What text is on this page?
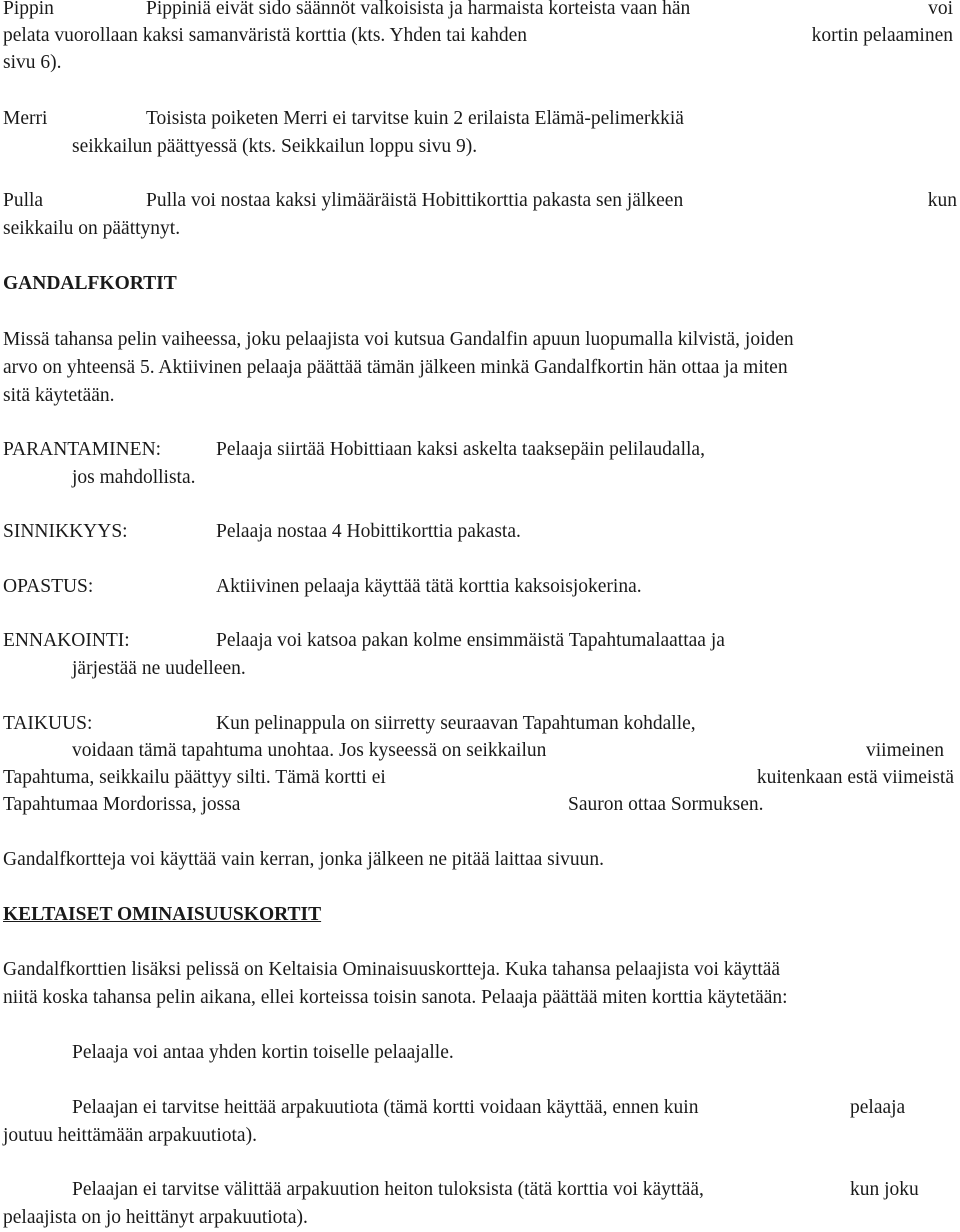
Pippin	Pippiniä eivät sido säännöt valkoisista ja harmaista korteista vaan hän	voi
pelata vuorollaan kaksi samanväristä korttia (kts. Yhden tai kahden	kortin pelaaminen
sivu 6).
Merri	Toisista poiketen Merri ei tarvitse kuin 2 erilaista Elämä-pelimerkkiä
seikkailun päättyessä (kts. Seikkailun loppu sivu 9).
Pulla	Pulla voi nostaa kaksi ylimääräistä Hobittikorttia pakasta sen jälkeen	kun
seikkailu on päättynyt.
GANDALFKORTIT
Missä tahansa pelin vaiheessa, joku pelaajista voi kutsua Gandalfin apuun luopumalla kilvistä, joiden
arvo on yhteensä 5. Aktiivinen pelaaja päättää tämän jälkeen minkä Gandalfkortin hän ottaa ja miten
sitä käytetään.
PARANTAMINEN:	Pelaaja siirtää Hobittiaan kaksi askelta taaksepäin pelilaudalla,
jos mahdollista.
SINNIKKYYS:	Pelaaja nostaa 4 Hobittikorttia pakasta.
OPASTUS:	Aktiivinen pelaaja käyttää tätä korttia kaksoisjokerina.
ENNAKOINTI:	Pelaaja voi katsoa pakan kolme ensimmäistä Tapahtumalaattaa ja
järjestää ne uudelleen.
TAIKUUS:	Kun pelinappula on siirretty seuraavan Tapahtuman kohdalle,
voidaan tämä tapahtuma unohtaa. Jos kyseessä on seikkailun	viimeinen
Tapahtuma, seikkailu päättyy silti. Tämä kortti ei	kuitenkaan estä viimeistä
Tapahtumaa Mordorissa, jossa	Sauron ottaa Sormuksen.
Gandalfkortteja voi käyttää vain kerran, jonka jälkeen ne pitää laittaa sivuun.
KELTAISET OMINAISUUSKORTIT
Gandalfkorttien lisäksi pelissä on Keltaisia Ominaisuuskortteja. Kuka tahansa pelaajista voi käyttää
niitä koska tahansa pelin aikana, ellei korteissa toisin sanota. Pelaaja päättää miten korttia käytetään:
Pelaaja voi antaa yhden kortin toiselle pelaajalle.
Pelaajan ei tarvitse heittää arpakuutiota (tämä kortti voidaan käyttää, ennen kuin	pelaaja
joutuu heittämään arpakuutiota).
Pelaajan ei tarvitse välittää arpakuution heiton tuloksista (tätä korttia voi käyttää,	kun joku
pelaajista on jo heittänyt arpakuutiota).
